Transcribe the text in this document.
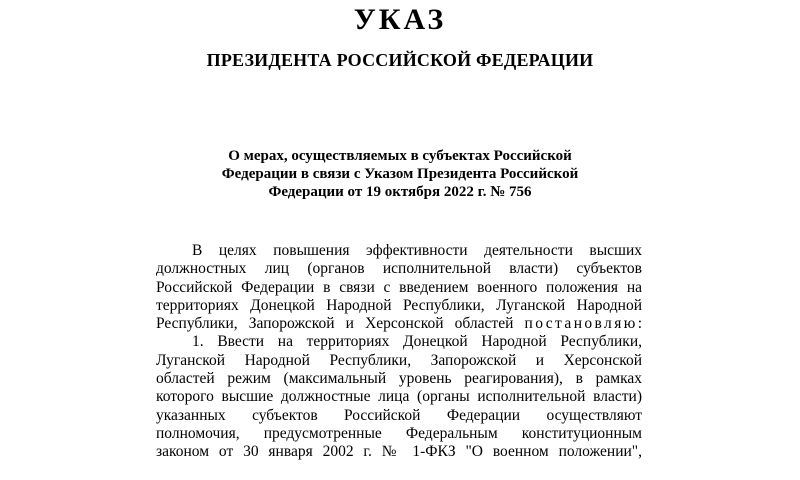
УКАЗ
ПРЕЗИДЕНТА РОССИЙСКОЙ ФЕДЕРАЦИИ
О мерах, осуществляемых в субъектах Российской
Федерации в связи с Указом Президента Российской
Федерации от 19 октября 2022 г. № 756
В целях повышения эффективности деятельности высших
должностных лиц (органов исполнительной власти) субъектов
Российской Федерации в связи с введением военного положения на
территориях Донецкой Народной Республики, Луганской Народной
Республики, Запорожской и Херсонской областей постановляю:
1. Ввести на территориях Донецкой Народной Республики,
Луганской Народной Республики, Запорожской и Херсонской
областей режим (максимальный уровень реагирования), в рамках
которого высшие должностные лица (органы исполнительной власти)
указанных субъектов Российской Федерации осуществляют
полномочия, предусмотренные Федеральным конституционным
законом от 30 января 2002 г. № 1-ФКЗ "О военном положении",
